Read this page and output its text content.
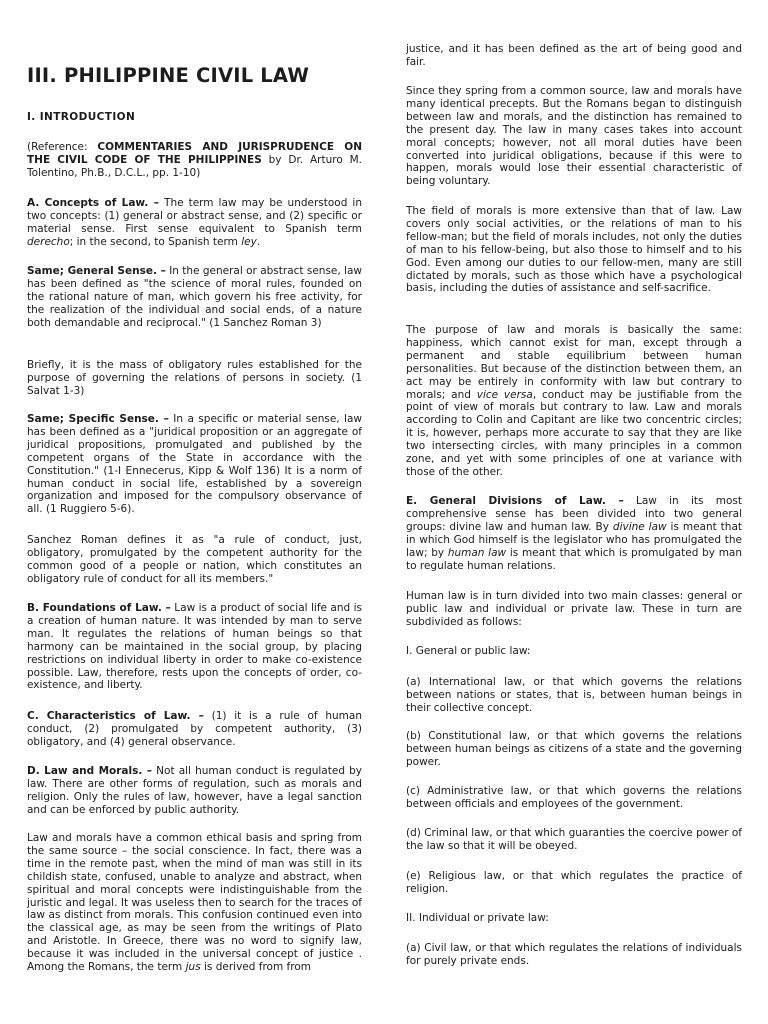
III. PHILIPPINE CIVIL LAW
I. INTRODUCTION

(Reference: COMMENTARIES AND JURISPRUDENCE ON THE CIVIL CODE OF THE PHILIPPINES by Dr. Arturo M. Tolentino, Ph.B., D.C.L., pp. 1-10)

A. Concepts of Law. – The term law may be understood in two concepts: (1) general or abstract sense, and (2) specific or material sense. First sense equivalent to Spanish term derecho; in the second, to Spanish term ley.

Same; General Sense. – In the general or abstract sense, law has been defined as "the science of moral rules, founded on the rational nature of man, which govern his free activity, for the realization of the individual and social ends, of a nature both demandable and reciprocal." (1 Sanchez Roman 3)

Briefly, it is the mass of obligatory rules established for the purpose of governing the relations of persons in society. (1 Salvat 1-3)

Same; Specific Sense. – In a specific or material sense, law has been defined as a "juridical proposition or an aggregate of juridical propositions, promulgated and published by the competent organs of the State in accordance with the Constitution." (1-I Ennecerus, Kipp & Wolf 136) It is a norm of human conduct in social life, established by a sovereign organization and imposed for the compulsory observance of all. (1 Ruggiero 5-6).

Sanchez Roman defines it as "a rule of conduct, just, obligatory, promulgated by the competent authority for the common good of a people or nation, which constitutes an obligatory rule of conduct for all its members."

B. Foundations of Law. – Law is a product of social life and is a creation of human nature. It was intended by man to serve man. It regulates the relations of human beings so that harmony can be maintained in the social group, by placing restrictions on individual liberty in order to make co-existence possible. Law, therefore, rests upon the concepts of order, co-existence, and liberty.

C. Characteristics of Law. – (1) it is a rule of human conduct, (2) promulgated by competent authority, (3) obligatory, and (4) general observance.

D. Law and Morals. – Not all human conduct is regulated by law. There are other forms of regulation, such as morals and religion. Only the rules of law, however, have a legal sanction and can be enforced by public authority.

Law and morals have a common ethical basis and spring from the same source – the social conscience. In fact, there was a time in the remote past, when the mind of man was still in its childish state, confused, unable to analyze and abstract, when spiritual and moral concepts were indistinguishable from the juristic and legal. It was useless then to search for the traces of law as distinct from morals. This confusion continued even into the classical age, as may be seen from the writings of Plato and Aristotle. In Greece, there was no word to signify law, because it was included in the universal concept of justice . Among the Romans, the term jus is derived from from

justice, and it has been defined as the art of being good and fair.

Since they spring from a common source, law and morals have many identical precepts. But the Romans began to distinguish between law and morals, and the distinction has remained to the present day. The law in many cases takes into account moral concepts; however, not all moral duties have been converted into juridical obligations, because if this were to happen, morals would lose their essential characteristic of being voluntary.

The field of morals is more extensive than that of law. Law covers only social activities, or the relations of man to his fellow-man; but the field of morals includes, not only the duties of man to his fellow-being, but also those to himself and to his God. Even among our duties to our fellow-men, many are still dictated by morals, such as those which have a psychological basis, including the duties of assistance and self-sacrifice.

The purpose of law and morals is basically the same: happiness, which cannot exist for man, except through a permanent and stable equilibrium between human personalities. But because of the distinction between them, an act may be entirely in conformity with law but contrary to morals; and vice versa, conduct may be justifiable from the point of view of morals but contrary to law. Law and morals according to Colin and Capitant are like two concentric circles; it is, however, perhaps more accurate to say that they are like two intersecting circles, with many principles in a common zone, and yet with some principles of one at variance with those of the other.

E. General Divisions of Law. – Law in its most comprehensive sense has been divided into two general groups: divine law and human law. By divine law is meant that in which God himself is the legislator who has promulgated the law; by human law is meant that which is promulgated by man to regulate human relations.

Human law is in turn divided into two main classes: general or public law and individual or private law. These in turn are subdivided as follows:

I. General or public law:

(a) International law, or that which governs the relations between nations or states, that is, between human beings in their collective concept.

(b) Constitutional law, or that which governs the relations between human beings as citizens of a state and the governing power.

(c) Administrative law, or that which governs the relations between officials and employees of the government.

(d) Criminal law, or that which guaranties the coercive power of the law so that it will be obeyed.

(e) Religious law, or that which regulates the practice of religion.

II. Individual or private law:

(a) Civil law, or that which regulates the relations of individuals for purely private ends.
